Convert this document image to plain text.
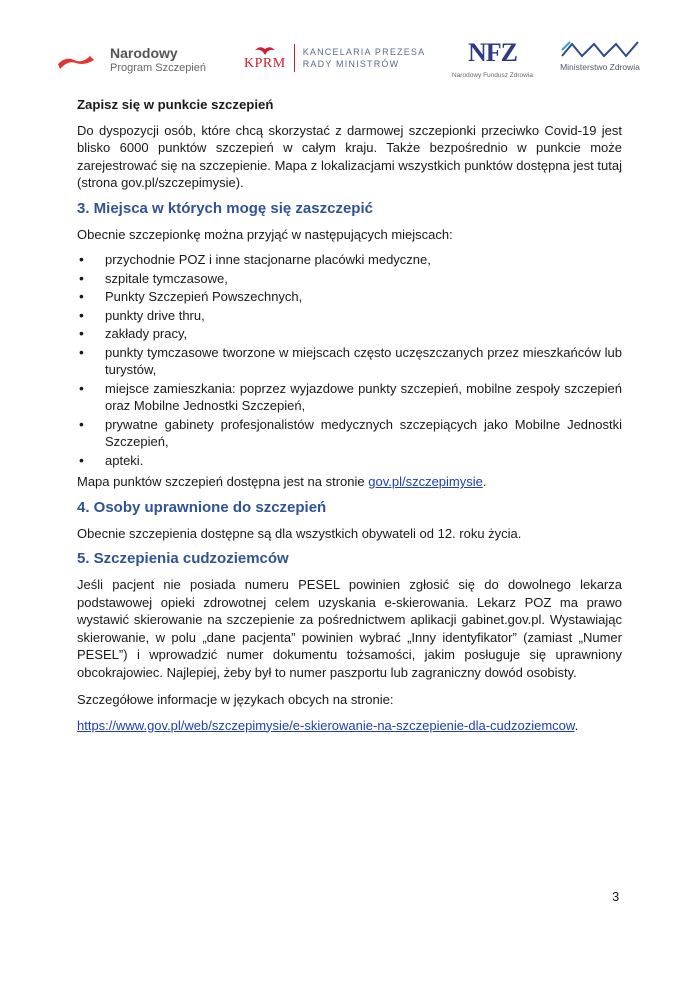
Narodowy
Program Szczepień	KPRM
KANCELARIA PREZESA
RADY MINISTRÓW	NFZ
Narodowy Fundusz Zdrowia
Ministerstwo Zdrowia
Zapisz się w punkcie szczepień

Do dyspozycji osób, które chcą skorzystać z darmowej szczepionki przeciwko Covid-19 jest blisko 6000 punktów szczepień w całym kraju. Także bezpośrednio w punkcie może zarejestrować się na szczepienie. Mapa z lokalizacjami wszystkich punktów dostępna jest tutaj (strona gov.pl/szczepimysie).

3. Miejsca w których mogę się zaszczepić

Obecnie szczepionkę można przyjąć w następujących miejscach:

• przychodnie POZ i inne stacjonarne placówki medyczne,
• szpitale tymczasowe,
• Punkty Szczepień Powszechnych,
• punkty drive thru,
• zakłady pracy,
• punkty tymczasowe tworzone w miejscach często uczęszczanych przez mieszkańców lub turystów,
• miejsce zamieszkania: poprzez wyjazdowe punkty szczepień, mobilne zespoły szczepień oraz Mobilne Jednostki Szczepień,
• prywatne gabinety profesjonalistów medycznych szczepiących jako Mobilne Jednostki Szczepień,
• apteki.

Mapa punktów szczepień dostępna jest na stronie gov.pl/szczepimysie.

4. Osoby uprawnione do szczepień

Obecnie szczepienia dostępne są dla wszystkich obywateli od 12. roku życia.

5. Szczepienia cudzoziemców

Jeśli pacjent nie posiada numeru PESEL powinien zgłosić się do dowolnego lekarza podstawowej opieki zdrowotnej celem uzyskania e-skierowania. Lekarz POZ ma prawo wystawić skierowanie na szczepienie za pośrednictwem aplikacji gabinet.gov.pl. Wystawiając skierowanie, w polu „dane pacjenta” powinien wybrać „Inny identyfikator” (zamiast „Numer PESEL”) i wprowadzić numer dokumentu tożsamości, jakim posługuje się uprawniony obcokrajowiec. Najlepiej, żeby był to numer paszportu lub zagraniczny dowód osobisty.

Szczegółowe informacje w językach obcych na stronie:

https://www.gov.pl/web/szczepimysie/e-skierowanie-na-szczepienie-dla-cudzoziemcow.

3
